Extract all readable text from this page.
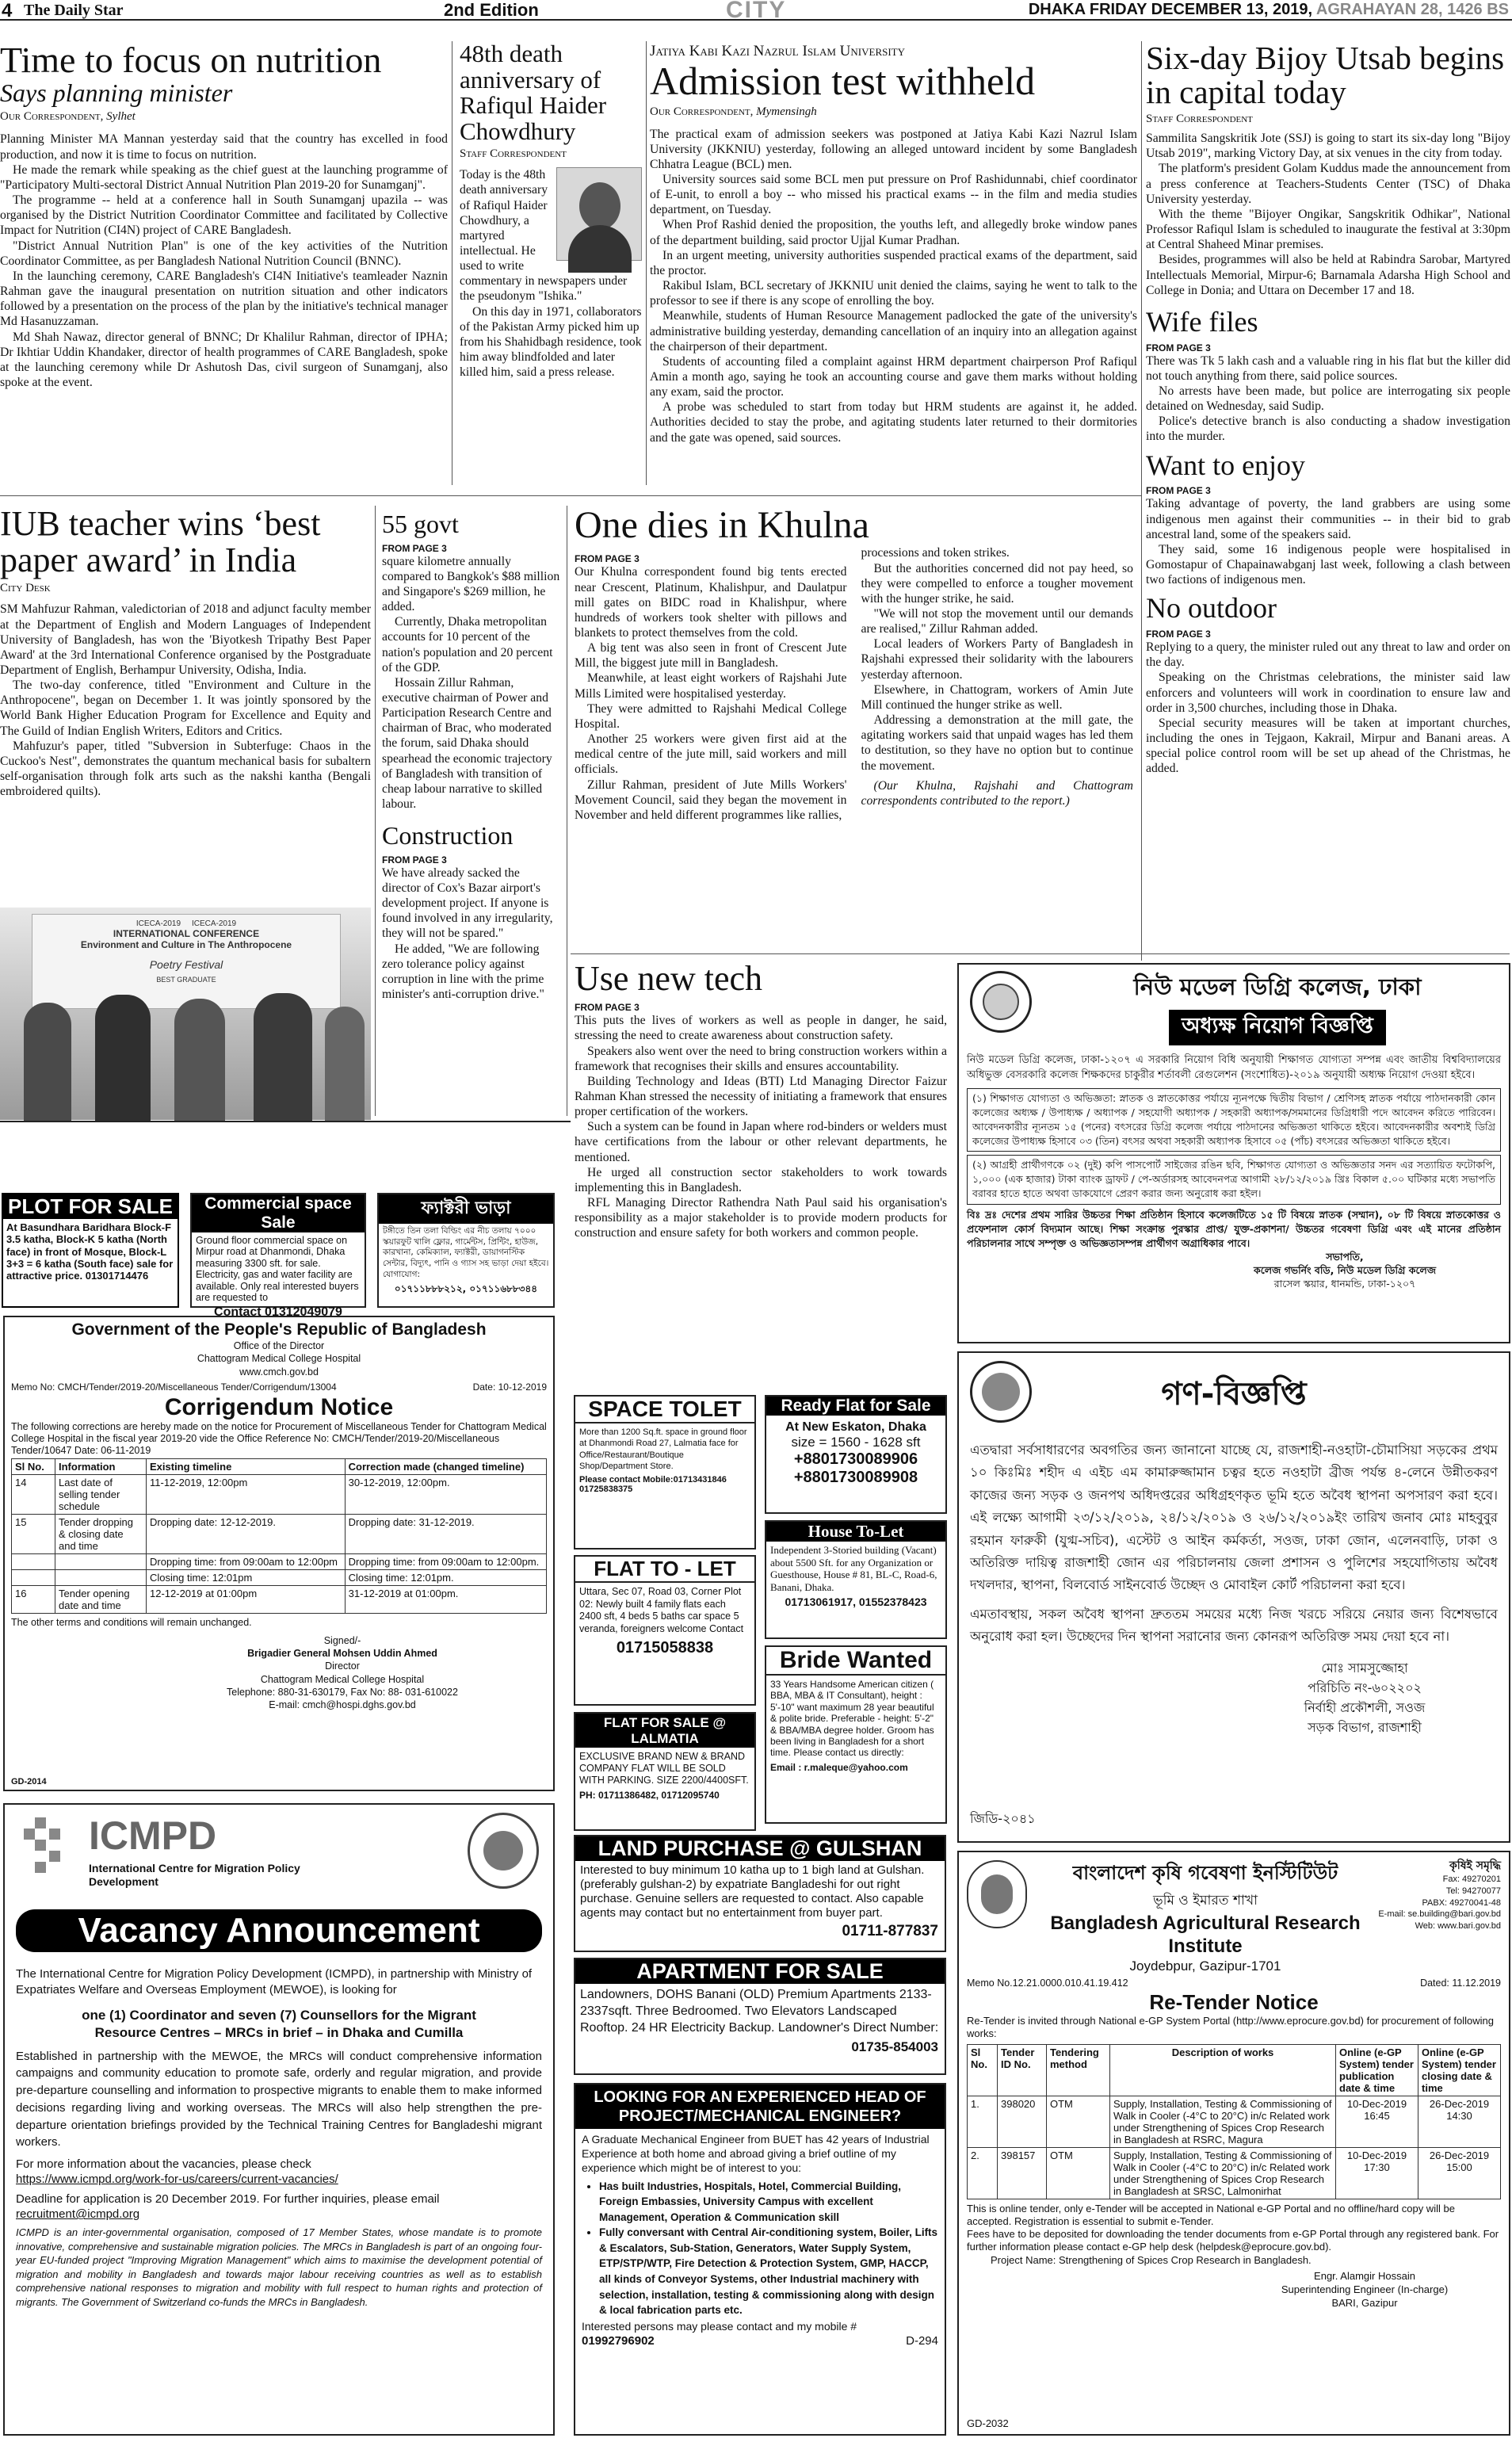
4 The Daily Star	2nd Edition	CITY	DHAKA FRIDAY DECEMBER 13, 2019, AGRAHAYAN 28, 1426 BS
Time to focus on nutrition
Says planning minister
Our Correspondent, Sylhet

Planning Minister MA Mannan yesterday said that the country has excelled in food production, and now it is time to focus on nutrition.

He made the remark while speaking as the chief guest at the launching programme of "Participatory Multi-sectoral District Annual Nutrition Plan 2019-20 for Sunamganj".

The programme -- held at a conference hall in South Sunamganj upazila -- was organised by the District Nutrition Coordinator Committee and facilitated by Collective Impact for Nutrition (CI4N) project of CARE Bangladesh.

"District Annual Nutrition Plan" is one of the key activities of the Nutrition Coordinator Committee, as per Bangladesh National Nutrition Council (BNNC).

In the launching ceremony, CARE Bangladesh's CI4N Initiative's teamleader Naznin Rahman gave the inaugural presentation on nutrition situation and other indicators followed by a presentation on the process of the plan by the initiative's technical manager Md Hasanuzzaman.

Md Shah Nawaz, director general of BNNC; Dr Khalilur Rahman, director of IPHA; Dr Ikhtiar Uddin Khandaker, director of health programmes of CARE Bangladesh, spoke at the launching ceremony while Dr Ashutosh Das, civil surgeon of Sunamganj, also spoke at the event.

48th death anniversary of Rafiqul Haider Chowdhury
Staff Correspondent

Today is the 48th death anniversary of Rafiqul Haider Chowdhury, a martyred intellectual. He used to write commentary in newspapers under the pseudonym "Ishika."

On this day in 1971, collaborators of the Pakistan Army picked him up from his Shahidbagh residence, took him away blindfolded and later killed him, said a press release.

Jatiya Kabi Kazi Nazrul Islam University
Admission test withheld
Our Correspondent, Mymensingh

The practical exam of admission seekers was postponed at Jatiya Kabi Kazi Nazrul Islam University (JKKNIU) yesterday, following an alleged untoward incident by some Bangladesh Chhatra League (BCL) men.

University sources said some BCL men put pressure on Prof Rashidunnabi, chief coordinator of E-unit, to enroll a boy -- who missed his practical exams -- in the film and media studies department, on Tuesday.

When Prof Rashid denied the proposition, the youths left, and allegedly broke window panes of the department building, said proctor Ujjal Kumar Pradhan.

In an urgent meeting, university authorities suspended practical exams of the department, said the proctor.

Rakibul Islam, BCL secretary of JKKNIU unit denied the claims, saying he went to talk to the professor to see if there is any scope of enrolling the boy.

Meanwhile, students of Human Resource Management padlocked the gate of the university's administrative building yesterday, demanding cancellation of an inquiry into an allegation against the chairperson of their department.

Students of accounting filed a complaint against HRM department chairperson Prof Rafiqul Amin a month ago, saying he took an accounting course and gave them marks without holding any exam, said the proctor.

A probe was scheduled to start from today but HRM students are against it, he added. Authorities decided to stay the probe, and agitating students later returned to their dormitories and the gate was opened, said sources.

Six-day Bijoy Utsab begins in capital today
Staff Correspondent

Sammilita Sangskritik Jote (SSJ) is going to start its six-day long "Bijoy Utsab 2019", marking Victory Day, at six venues in the city from today.

The platform's president Golam Kuddus made the announcement from a press conference at Teachers-Students Center (TSC) of Dhaka University yesterday.

With the theme "Bijoyer Ongikar, Sangskritik Odhikar", National Professor Rafiqul Islam is scheduled to inaugurate the festival at 3:30pm at Central Shaheed Minar premises.

Besides, programmes will also be held at Rabindra Sarobar, Martyred Intellectuals Memorial, Mirpur-6; Barnamala Adarsha High School and College in Donia; and Uttara on December 17 and 18.

Wife files
FROM PAGE 3

There was Tk 5 lakh cash and a valuable ring in his flat but the killer did not touch anything from there, said police sources.

No arrests have been made, but police are interrogating six people detained on Wednesday, said Sudip.

Police's detective branch is also conducting a shadow investigation into the murder.

Want to enjoy
FROM PAGE 3

Taking advantage of poverty, the land grabbers are using some indigenous men against their communities -- in their bid to grab ancestral land, some of the speakers said.

They said, some 16 indigenous people were hospitalised in Gomostapur of Chapainawabganj last week, following a clash between two factions of indigenous men.

No outdoor
FROM PAGE 3

Replying to a query, the minister ruled out any threat to law and order on the day.

Speaking on the Christmas celebrations, the minister said law enforcers and volunteers will work in coordination to ensure law and order in 3,500 churches, including those in Dhaka.

Special security measures will be taken at important churches, including the ones in Tejgaon, Kakrail, Mirpur and Banani areas. A special police control room will be set up ahead of the Christmas, he added.

IUB teacher wins ‘best paper award’ in India
City Desk

SM Mahfuzur Rahman, valedictorian of 2018 and adjunct faculty member at the Department of English and Modern Languages of Independent University of Bangladesh, has won the 'Biyotkesh Tripathy Best Paper Award' at the 3rd International Conference organised by the Postgraduate Department of English, Berhampur University, Odisha, India.

The two-day conference, titled "Environment and Culture in the Anthropocene", began on December 1. It was jointly sponsored by the World Bank Higher Education Program for Excellence and Equity and The Guild of Indian English Writers, Editors and Critics.

Mahfuzur's paper, titled "Subversion in Subterfuge: Chaos in the Cuckoo's Nest", demonstrates the quantum mechanical basis for subaltern self-organisation through folk arts such as the nakshi kantha (Bengali embroidered quilts).

ICECA-2019 ICECA-2019
INTERNATIONAL CONFERENCE
Environment and Culture in The Anthropocene
Poetry Festival
BEST GRADUATE
55 govt
FROM PAGE 3

square kilometre annually compared to Bangkok's $88 million and Singapore's $269 million, he added.

Currently, Dhaka metropolitan accounts for 10 percent of the nation's population and 20 percent of the GDP.

Hossain Zillur Rahman, executive chairman of Power and Participation Research Centre and chairman of Brac, who moderated the forum, said Dhaka should spearhead the economic trajectory of Bangladesh with transition of cheap labour narrative to skilled labour.

Construction
FROM PAGE 3

We have already sacked the director of Cox's Bazar airport's development project. If anyone is found involved in any irregularity, they will not be spared."

He added, "We are following zero tolerance policy against corruption in line with the prime minister's anti-corruption drive."

One dies in Khulna
FROM PAGE 3

Our Khulna correspondent found big tents erected near Crescent, Platinum, Khalishpur, and Daulatpur mill gates on BIDC road in Khalishpur, where hundreds of workers took shelter with pillows and blankets to protect themselves from the cold.

A big tent was also seen in front of Crescent Jute Mill, the biggest jute mill in Bangladesh.

Meanwhile, at least eight workers of Rajshahi Jute Mills Limited were hospitalised yesterday.

They were admitted to Rajshahi Medical College Hospital.

Another 25 workers were given first aid at the medical centre of the jute mill, said workers and mill officials.

Zillur Rahman, president of Jute Mills Workers' Movement Council, said they began the movement in November and held different programmes like rallies,

processions and token strikes.

But the authorities concerned did not pay heed, so they were compelled to enforce a tougher movement with the hunger strike, he said.

"We will not stop the movement until our demands are realised," Zillur Rahman added.

Local leaders of Workers Party of Bangladesh in Rajshahi expressed their solidarity with the labourers yesterday afternoon.

Elsewhere, in Chattogram, workers of Amin Jute Mill continued the hunger strike as well.

Addressing a demonstration at the mill gate, the agitating workers said that unpaid wages has led them to destitution, so they have no option but to continue the movement.

(Our Khulna, Rajshahi and Chattogram correspondents contributed to the report.)

Use new tech
FROM PAGE 3

This puts the lives of workers as well as people in danger, he said, stressing the need to create awareness about construction safety.

Speakers also went over the need to bring construction workers within a framework that recognises their skills and ensures accountability.

Building Technology and Ideas (BTI) Ltd Managing Director Faizur Rahman Khan stressed the necessity of initiating a framework that ensures proper certification of the workers.

Such a system can be found in Japan where rod-binders or welders must have certifications from the labour or other relevant departments, he mentioned.

He urged all construction sector stakeholders to work towards implementing this in Bangladesh.

RFL Managing Director Rathendra Nath Paul said his organisation's responsibility as a major stakeholder is to provide modern products for construction and ensure safety for both workers and common people.

PLOT FOR SALE
At Basundhara Baridhara Block-F 3.5 katha, Block-K 5 katha (North face) in front of Mosque, Block-L 3+3 = 6 katha (South face) sale for attractive price. 01301714476
Commercial space Sale
Ground floor commercial space on Mirpur road at Dhanmondi, Dhaka measuring 3300 sft. for sale. Electricity, gas and water facility are available. Only real interested buyers are requested to
Contact 01312049079
ফ্যাক্টরী ভাড়া
টঙ্গীতে তিন তলা বিল্ডিং এর নীচ তলায় ৭০০০ স্কয়ারফুট খালি ফ্লোর, গার্মেন্টস, প্রিন্টিং, হাউজ, কারখানা, কেমিক্যাল, ফ্যাক্টরী, ডায়াগনস্টিক সেন্টার, বিদ্যুৎ, পানি ও গ্যাস সহ ভাড়া দেয়া হইবে। যোগাযোগ:
০১৭১১৮৮৮২১২, ০১৭১১৬৮৮৩৪৪
Government of the People's Republic of Bangladesh
Office of the Director
Chattogram Medical College Hospital
www.cmch.gov.bd
Memo No: CMCH/Tender/2019-20/Miscellaneous Tender/Corrigendum/13004	Date: 10-12-2019
Corrigendum Notice
The following corrections are hereby made on the notice for Procurement of Miscellaneous Tender for Chattogram Medical College Hospital in the fiscal year 2019-20 vide the Office Reference No: CMCH/Tender/2019-20/Miscellaneous Tender/10647 Date: 06-11-2019
Sl No.	Information	Existing timeline	Correction made (changed timeline)
14	Last date of selling tender schedule	11-12-2019, 12:00pm	30-12-2019, 12:00pm.
15	Tender dropping & closing date and time	Dropping date: 12-12-2019.	Dropping date: 31-12-2019.
		Dropping time: from 09:00am to 12:00pm	Dropping time: from 09:00am to 12:00pm.
		Closing time: 12:01pm	Closing time: 12:01pm.
16	Tender opening date and time	12-12-2019 at 01:00pm	31-12-2019 at 01:00pm.
The other terms and conditions will remain unchanged.
Signed/-
Brigadier General Mohsen Uddin Ahmed
Director
Chattogram Medical College Hospital
Telephone: 880-31-630179, Fax No: 88- 031-610022
E-mail: cmch@hospi.dghs.gov.bd
GD-2014
ICMPD
International Centre for Migration Policy Development
Vacancy Announcement
The International Centre for Migration Policy Development (ICMPD), in partnership with Ministry of Expatriates Welfare and Overseas Employment (MEWOE), is looking for
one (1) Coordinator and seven (7) Counsellors for the Migrant Resource Centres – MRCs in brief – in Dhaka and Cumilla
Established in partnership with the MEWOE, the MRCs will conduct comprehensive information campaigns and community education to promote safe, orderly and regular migration, and provide pre-departure counselling and information to prospective migrants to enable them to make informed decisions regarding living and working overseas. The MRCs will also help strengthen the pre-departure orientation briefings provided by the Technical Training Centres for Bangladeshi migrant workers.
For more information about the vacancies, please check
https://www.icmpd.org/work-for-us/careers/current-vacancies/
Deadline for application is 20 December 2019. For further inquiries, please email
recruitment@icmpd.org
ICMPD is an inter-governmental organisation, composed of 17 Member States, whose mandate is to promote innovative, comprehensive and sustainable migration policies. The MRCs in Bangladesh is part of an ongoing four-year EU-funded project "Improving Migration Management" which aims to maximise the development potential of migration and mobility in Bangladesh and towards major labour receiving countries as well as to establish comprehensive national responses to migration and mobility with full respect to human rights and protection of migrants. The Government of Switzerland co-funds the MRCs in Bangladesh.
SPACE TOLET
More than 1200 Sq.ft. space in ground floor at Dhanmondi Road 27, Lalmatia face for Office/Restaurant/Boutique Shop/Department Store.
Please contact Mobile:01713431846 01725838375
FLAT TO - LET
Uttara, Sec 07, Road 03, Corner Plot 02: Newly built 4 family flats each 2400 sft, 4 beds 5 baths car space 5 veranda, foreigners welcome Contact
01715058838
FLAT FOR SALE @ LALMATIA
EXCLUSIVE BRAND NEW & BRAND COMPANY FLAT WILL BE SOLD WITH PARKING. SIZE 2200/4400SFT.
PH: 01711386482, 01712095740
Ready Flat for Sale
At New Eskaton, Dhaka
size = 1560 - 1628 sft
+8801730089906
+8801730089908
House To-Let
Independent 3-Storied building (Vacant) about 5500 Sft. for any Organization or Guesthouse, House # 81, BL-C, Road-6, Banani, Dhaka.
01713061917, 01552378423
Bride Wanted
33 Years Handsome American citizen ( BBA, MBA & IT Consultant), height : 5'-10" want maximum 28 year beautiful & polite bride. Preferable - height: 5'-2" & BBA/MBA degree holder. Groom has been living in Bangladesh for a short time. Please contact us directly:
Email : r.maleque@yahoo.com
LAND PURCHASE @ GULSHAN
Interested to buy minimum 10 katha up to 1 bigh land at Gulshan.(preferably gulshan-2) by expatriate Bangladeshi for out right purchase. Genuine sellers are requested to contact. Also capable agents may contact but no entertainment from buyer part.
01711-877837
APARTMENT FOR SALE
Landowners, DOHS Banani (OLD) Premium Apartments 2133-2337sqft. Three Bedroomed. Two Elevators Landscaped Rooftop. 24 HR Electricity Backup. Landowner's Direct Number:
01735-854003
LOOKING FOR AN EXPERIENCED HEAD OF PROJECT/MECHANICAL ENGINEER?
A Graduate Mechanical Engineer from BUET has 42 years of Industrial Experience at both home and abroad giving a brief outline of my experience which might be of interest to you:
• Has built Industries, Hospitals, Hotel, Commercial Building, Foreign Embassies, University Campus with excellent Management, Operation & Communication skill
• Fully conversant with Central Air-conditioning system, Boiler, Lifts & Escalators, Sub-Station, Generators, Water Supply System, ETP/STP/WTP, Fire Detection & Protection System, GMP, HACCP, all kinds of Conveyor Systems, other Industrial machinery with selection, installation, testing & commissioning along with design & local fabrication parts etc.
Interested persons may please contact and my mobile #
01992796902	D-294
নিউ মডেল ডিগ্রি কলেজ, ঢাকা
অধ্যক্ষ নিয়োগ বিজ্ঞপ্তি
নিউ মডেল ডিগ্রি কলেজ, ঢাকা-১২০৭ এ সরকারি নিয়োগ বিধি অনুযায়ী শিক্ষাগত যোগ্যতা সম্পন্ন এবং জাতীয় বিশ্ববিদ্যালয়ের অধিভুক্ত বেসরকারি কলেজ শিক্ষকদের চাকুরীর শর্তাবলী রেগুলেশন (সংশোধিত)-২০১৯ অনুযায়ী অধ্যক্ষ নিয়োগ দেওয়া হইবে।
(১) শিক্ষাগত যোগ্যতা ও অভিজ্ঞতা: স্নাতক ও স্নাতকোত্তর পর্যায়ে ন্যূনপক্ষে দ্বিতীয় বিভাগ / শ্রেণিসহ স্নাতক পর্যায়ে পাঠদানকারী কোন কলেজের অধ্যক্ষ / উপাধ্যক্ষ / অধ্যাপক / সহযোগী অধ্যাপক / সহকারী অধ্যাপক/সমমানের ডিগ্রিধারী পদে আবেদন করিতে পারিবেন। আবেদনকারীর ন্যূনতম ১৫ (পনের) বৎসরের ডিগ্রি কলেজ পর্যায়ে পাঠদানের অভিজ্ঞতা থাকিতে হইবে। আবেদনকারীর অবশ্যই ডিগ্রি কলেজের উপাধ্যক্ষ হিসাবে ০৩ (তিন) বৎসর অথবা সহকারী অধ্যাপক হিসাবে ০৫ (পাঁচ) বৎসরের অভিজ্ঞতা থাকিতে হইবে।
(২) আগ্রহী প্রার্থীগণকে ০২ (দুই) কপি পাসপোর্ট সাইজের রঙিন ছবি, শিক্ষাগত যোগ্যতা ও অভিজ্ঞতার সনদ এর সত্যায়িত ফটোকপি, ১,০০০ (এক হাজার) টাকা ব্যাংক ড্রাফট / পে-অর্ডারসহ আবেদনপত্র আগামী ২৮/১২/২০১৯ খ্রিঃ বিকাল ৫.০০ ঘটিকার মধ্যে সভাপতি বরাবর হাতে হাতে অথবা ডাকযোগে প্রেরণ করার জন্য অনুরোধ করা হইল।
বিঃ দ্রঃ দেশের প্রথম সারির উচ্চতর শিক্ষা প্রতিষ্ঠান হিসাবে কলেজটিতে ১৫ টি বিষয়ে স্নাতক (সম্মান), ০৮ টি বিষয়ে স্নাতকোত্তর ও প্রফেশনাল কোর্স বিদ্যমান আছে। শিক্ষা সংক্রান্ত পুরস্কার প্রাপ্ত/ যুক্ত-প্রকাশনা/ উচ্চতর গবেষণা ডিগ্রি এবং এই মানের প্রতিষ্ঠান পরিচালনার সাথে সম্পৃক্ত ও অভিজ্ঞতাসম্পন্ন প্রার্থীগণ অগ্রাধিকার পাবে।
সভাপতি,
কলেজ গভর্নিং বডি, নিউ মডেল ডিগ্রি কলেজ
রাসেল স্কয়ার, ধানমন্ডি, ঢাকা-১২০৭
গণ-বিজ্ঞপ্তি
এতদ্বারা সর্বসাধারণের অবগতির জন্য জানানো যাচ্ছে যে, রাজশাহী-নওহাটা-চৌমাসিয়া সড়কের প্রথম ১০ কিঃমিঃ শহীদ এ এইচ এম কামারুজ্জামান চত্বর হতে নওহাটা ব্রীজ পর্যন্ত ৪-লেনে উন্নীতকরণ কাজের জন্য সড়ক ও জনপথ অধিদপ্তরের অধিগ্রহণকৃত ভূমি হতে অবৈধ স্থাপনা অপসারণ করা হবে। এই লক্ষ্যে আগামী ২৩/১২/২০১৯, ২৪/১২/২০১৯ ও ২৬/১২/২০১৯ইং তারিখ জনাব মোঃ মাহবুবুর রহমান ফারুকী (যুগ্ম-সচিব), এস্টেট ও আইন কর্মকর্তা, সওজ, ঢাকা জোন, এলেনবাড়ি, ঢাকা ও অতিরিক্ত দায়িত্ব রাজশাহী জোন এর পরিচালনায় জেলা প্রশাসন ও পুলিশের সহযোগিতায় অবৈধ দখলদার, স্থাপনা, বিলবোর্ড সাইনবোর্ড উচ্ছেদ ও মোবাইল কোর্ট পরিচালনা করা হবে।
এমতাবস্থায়, সকল অবৈধ স্থাপনা দ্রুততম সময়ের মধ্যে নিজ খরচে সরিয়ে নেয়ার জন্য বিশেষভাবে অনুরোধ করা হল। উচ্ছেদের দিন স্থাপনা সরানোর জন্য কোনরূপ অতিরিক্ত সময় দেয়া হবে না।
মোঃ সামসুজ্জোহা
পরিচিতি নং-৬০২২০২
নির্বাহী প্রকৌশলী, সওজ
সড়ক বিভাগ, রাজশাহী
জিডি-২০৪১
বাংলাদেশ কৃষি গবেষণা ইনস্টিটিউট
ভূমি ও ইমারত শাখা
Bangladesh Agricultural Research Institute
Joydebpur, Gazipur-1701
কৃষিই সমৃদ্ধি
Fax: 49270201
Tel: 94270077
PABX: 49270041-48
E-mail: se.building@bari.gov.bd
Web: www.bari.gov.bd
Memo No.12.21.0000.010.41.19.412	Dated: 11.12.2019
Re-Tender Notice
Re-Tender is invited through National e-GP System Portal (http://www.eprocure.gov.bd) for procurement of following works:
Sl No.	Tender ID No.	Tendering method	Description of works	Online (e-GP System) tender publication date & time	Online (e-GP System) tender closing date & time
1.	398020	OTM	Supply, Installation, Testing & Commissioning of Walk in Cooler (-4°C to 20°C) in/c Related work under Strengthening of Spices Crop Research in Bangladesh at RSRC, Magura	10-Dec-2019 16:45	26-Dec-2019 14:30
2.	398157	OTM	Supply, Installation, Testing & Commissioning of Walk in Cooler (-4°C to 20°C) in/c Related work under Strengthening of Spices Crop Research in Bangladesh at SRSC, Lalmonirhat	10-Dec-2019 17:30	26-Dec-2019 15:00
This is online tender, only e-Tender will be accepted in National e-GP Portal and no offline/hard copy will be accepted. Registration is essential to submit e-Tender.
Fees have to be deposited for downloading the tender documents from e-GP Portal through any registered bank. For further information please contact e-GP help desk (helpdesk@eprocure.gov.bd).
Project Name: Strengthening of Spices Crop Research in Bangladesh.
Engr. Alamgir Hossain
Superintending Engineer (In-charge)
BARI, Gazipur
GD-2032
